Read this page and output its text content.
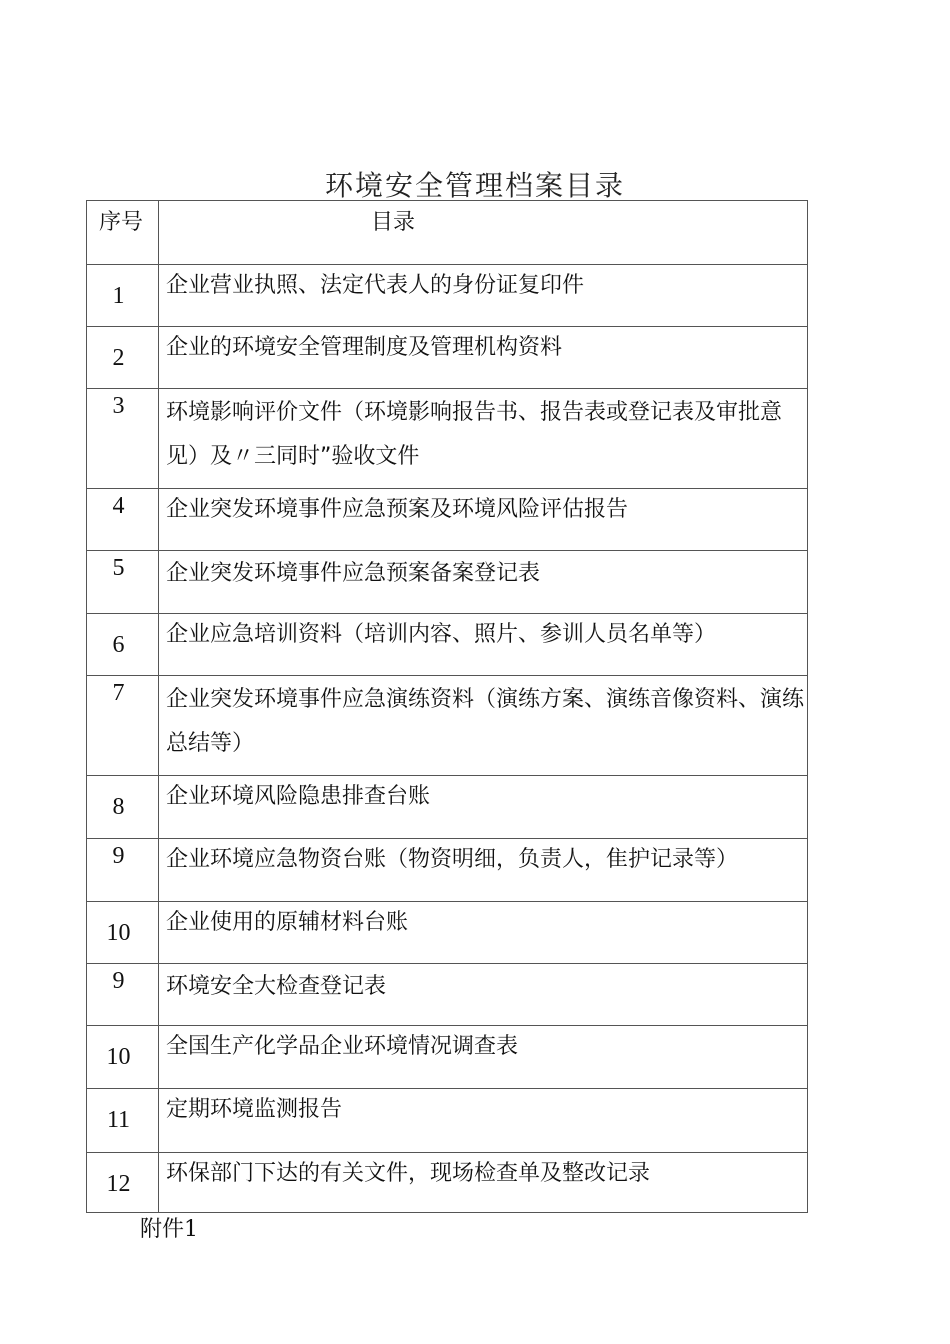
环境安全管理档案目录
序号	目录

1	企业营业执照、法定代表人的身份证复印件

2	企业的环境安全管理制度及管理机构资料

3	环境影响评价文件（环境影响报告书、报告表或登记表及审批意见）及〃三同时”验收文件

4	企业突发环境事件应急预案及环境风险评估报告

5	企业突发环境事件应急预案备案登记表

6	企业应急培训资料（培训内容、照片、参训人员名单等）

7	企业突发环境事件应急演练资料（演练方案、演练音像资料、演练总结等）

8	企业环境风险隐患排查台账

9	企业环境应急物资台账（物资明细，负责人，隹护记录等）

10	企业使用的原辅材料台账

9	环境安全大检查登记表

10	全国生产化学品企业环境情况调查表

11	定期环境监测报告

12	环保部门下达的有关文件，现场检查单及整改记录
附件1
